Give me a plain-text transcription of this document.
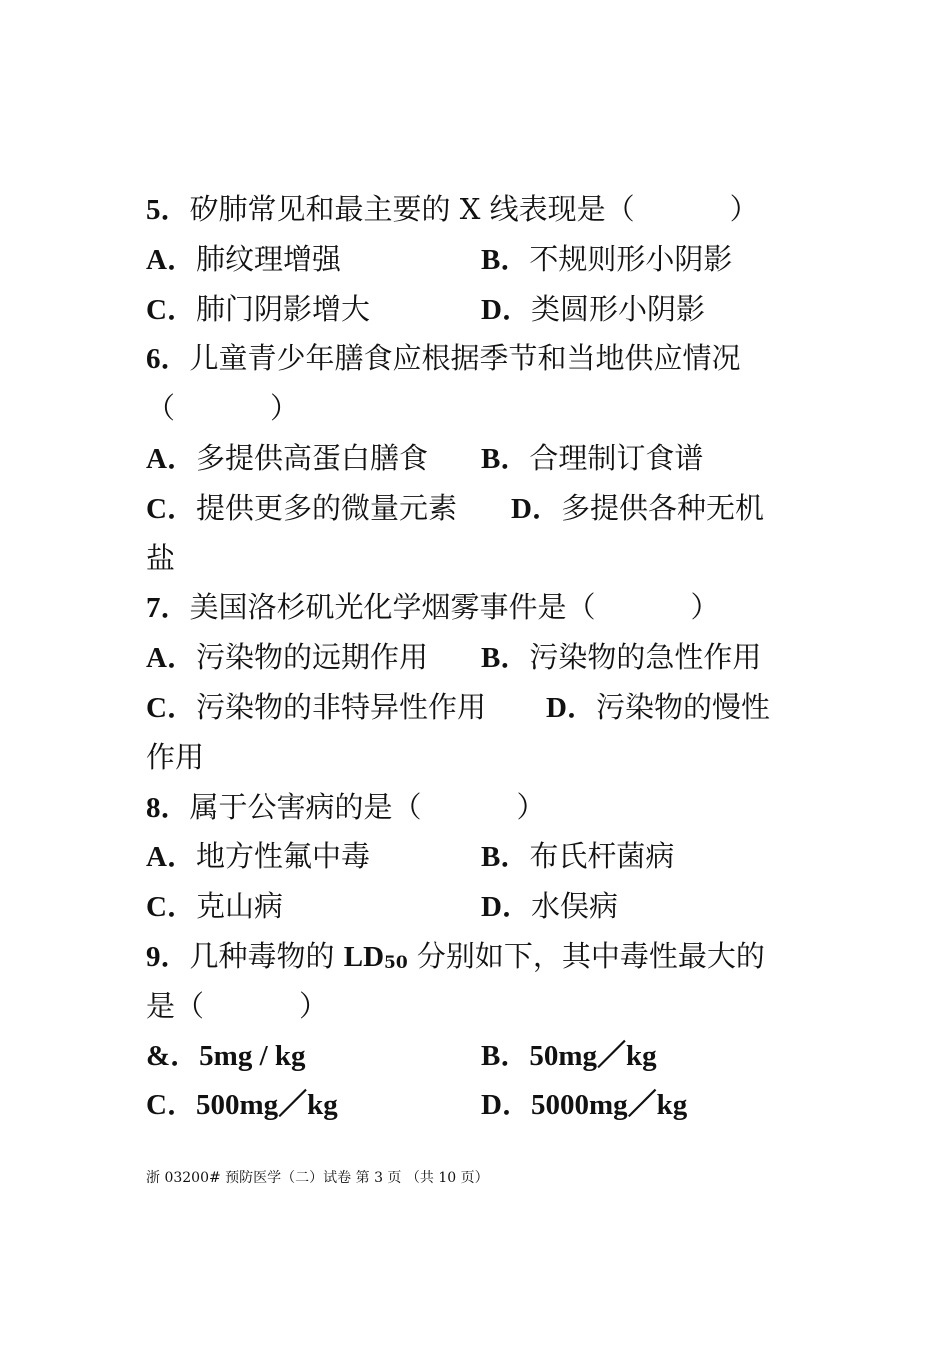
5．矽肺常见和最主要的 X 线表现是（	）
A．肺纹理增强	B．不规则形小阴影
C．肺门阴影增大	D．类圆形小阴影
6．儿童青少年膳食应根据季节和当地供应情况
（	）
A．多提供高蛋白膳食 B．合理制订食谱
C．提供更多的微量元素 D．多提供各种无机
盐
7．美国洛杉矶光化学烟雾事件是（	）
A．污染物的远期作用 B．污染物的急性作用
C．污染物的非特异性作用 D．污染物的慢性
作用
8．属于公害病的是（	）
A．地方性氟中毒	B．布氏杆菌病
C．克山病	D．水俣病
9．几种毒物的 $LD_{50}$ 分别如下，其中毒性最大的
是（	）
&．5mg / kg	B．50mg／kg
C．500mg／kg	D．5000mg／kg
浙 03200# 预防医学（二）试卷 第 3 页 （共 10 页）
